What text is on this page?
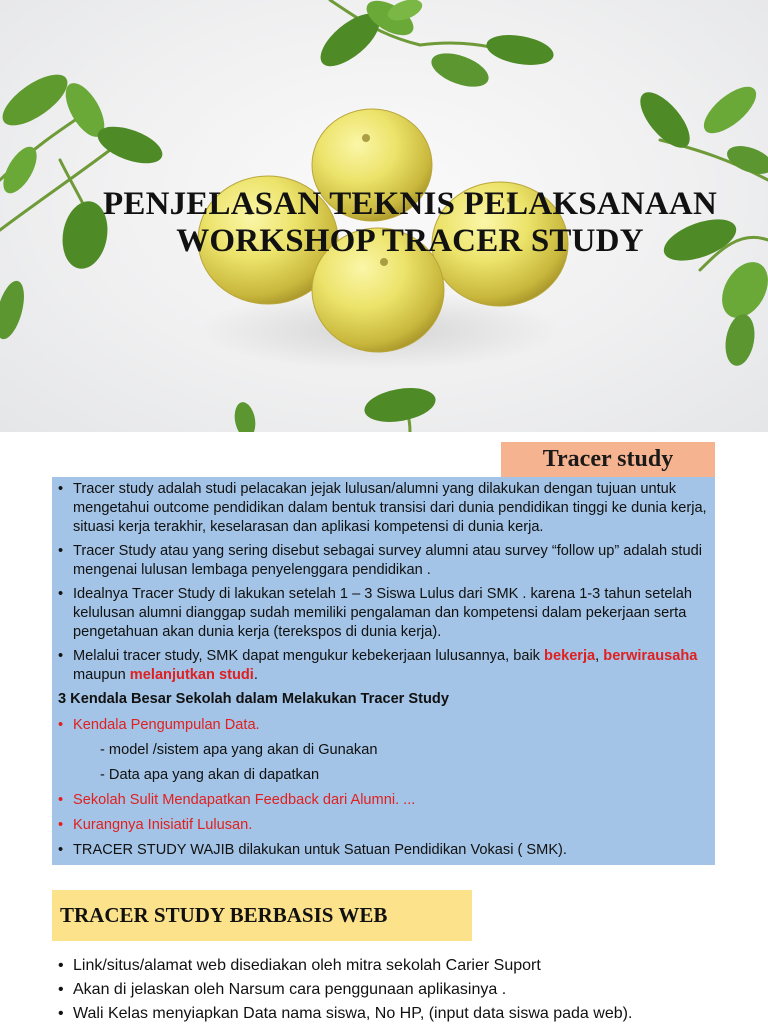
PENJELASAN TEKNIS PELAKSANAAN
WORKSHOP TRACER STUDY
Tracer study
• Tracer study adalah studi pelacakan jejak lulusan/alumni yang dilakukan dengan tujuan untuk mengetahui outcome pendidikan dalam bentuk transisi dari dunia pendidikan tinggi ke dunia kerja, situasi kerja terakhir, keselarasan dan aplikasi kompetensi di dunia kerja.
• Tracer Study atau yang sering disebut sebagai survey alumni atau survey “follow up” adalah studi mengenai lulusan lembaga penyelenggara pendidikan .
• Idealnya Tracer Study di lakukan setelah 1 – 3 Siswa Lulus dari SMK . karena 1-3 tahun setelah kelulusan alumni dianggap sudah memiliki pengalaman dan kompetensi dalam pekerjaan serta pengetahuan akan dunia kerja (terekspos di dunia kerja).
• Melalui tracer study, SMK dapat mengukur kebekerjaan lulusannya, baik bekerja, berwirausaha maupun melanjutkan studi.
3 Kendala Besar Sekolah dalam Melakukan Tracer Study
• Kendala Pengumpulan Data.
- model /sistem apa yang akan di Gunakan
- Data apa yang akan di dapatkan
• Sekolah Sulit Mendapatkan Feedback dari Alumni. ...
• Kurangnya Inisiatif Lulusan.
• TRACER STUDY WAJIB dilakukan untuk Satuan Pendidikan Vokasi ( SMK).
TRACER STUDY BERBASIS WEB
• Link/situs/alamat web disediakan oleh mitra sekolah Carier Suport
• Akan di jelaskan oleh Narsum cara penggunaan aplikasinya .
• Wali Kelas menyiapkan Data nama siswa, No HP, (input data siswa pada web).
